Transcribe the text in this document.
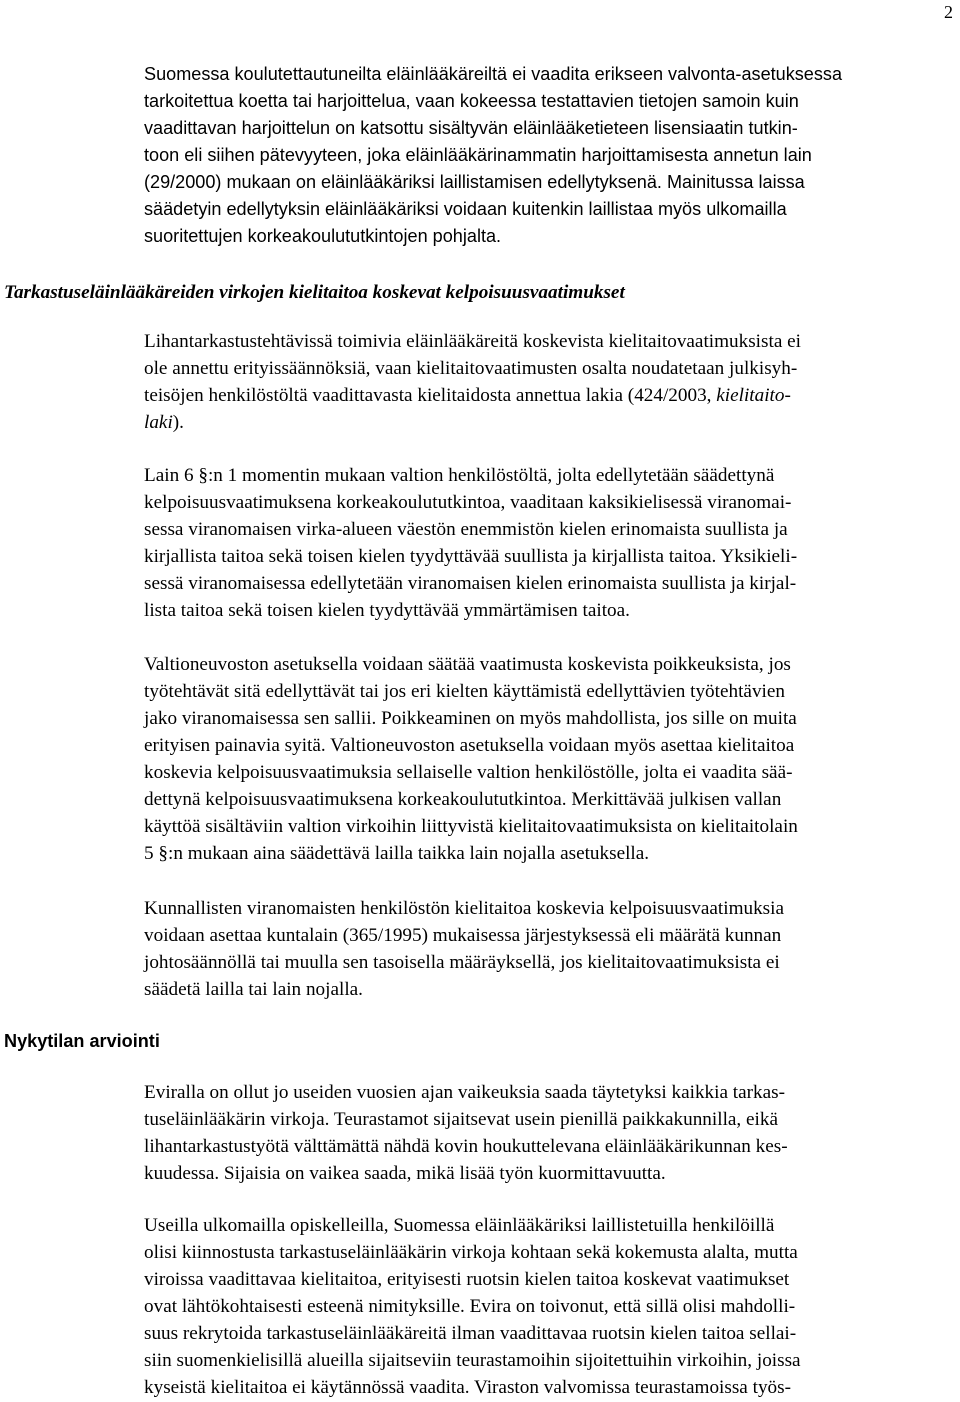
2

Suomessa koulutettautuneilta eläinlääkäreiltä ei vaadita erikseen valvonta-asetuksessa
tarkoitettua koetta tai harjoittelua, vaan kokeessa testattavien tietojen samoin kuin
vaadittavan harjoittelun on katsottu sisältyvän eläinlääketieteen lisensiaatin tutkin-
toon eli siihen pätevyyteen, joka eläinlääkärinammatin harjoittamisesta annetun lain
(29/2000) mukaan on eläinlääkäriksi laillistamisen edellytyksenä. Mainitussa laissa
säädetyin edellytyksin eläinlääkäriksi voidaan kuitenkin laillistaa myös ulkomailla
suoritettujen korkeakoulututkintojen pohjalta.

Tarkastuseläinlääkäreiden virkojen kielitaitoa koskevat kelpoisuusvaatimukset

Lihantarkastustehtävissä toimivia eläinlääkäreitä koskevista kielitaitovaatimuksista ei
ole annettu erityissäännöksiä, vaan kielitaitovaatimusten osalta noudatetaan julkisyh-
teisöjen henkilöstöltä vaadittavasta kielitaidosta annettua lakia (424/2003, kielitaito-
laki).

Lain 6 §:n 1 momentin mukaan valtion henkilöstöltä, jolta edellytetään säädettynä
kelpoisuusvaatimuksena korkeakoulututkintoa, vaaditaan kaksikielisessä viranomai-
sessa viranomaisen virka-alueen väestön enemmistön kielen erinomaista suullista ja
kirjallista taitoa sekä toisen kielen tyydyttävää suullista ja kirjallista taitoa. Yksikieli-
sessä viranomaisessa edellytetään viranomaisen kielen erinomaista suullista ja kirjal-
lista taitoa sekä toisen kielen tyydyttävää ymmärtämisen taitoa.

Valtioneuvoston asetuksella voidaan säätää vaatimusta koskevista poikkeuksista, jos
työtehtävät sitä edellyttävät tai jos eri kielten käyttämistä edellyttävien työtehtävien
jako viranomaisessa sen sallii. Poikkeaminen on myös mahdollista, jos sille on muita
erityisen painavia syitä. Valtioneuvoston asetuksella voidaan myös asettaa kielitaitoa
koskevia kelpoisuusvaatimuksia sellaiselle valtion henkilöstölle, jolta ei vaadita sää-
dettynä kelpoisuusvaatimuksena korkeakoulututkintoa. Merkittävää julkisen vallan
käyttöä sisältäviin valtion virkoihin liittyvistä kielitaitovaatimuksista on kielitaitolain
5 §:n mukaan aina säädettävä lailla taikka lain nojalla asetuksella.

Kunnallisten viranomaisten henkilöstön kielitaitoa koskevia kelpoisuusvaatimuksia
voidaan asettaa kuntalain (365/1995) mukaisessa järjestyksessä eli määrätä kunnan
johtosäännöllä tai muulla sen tasoisella määräyksellä, jos kielitaitovaatimuksista ei
säädetä lailla tai lain nojalla.

Nykytilan arviointi

Eviralla on ollut jo useiden vuosien ajan vaikeuksia saada täytetyksi kaikkia tarkas-
tuseläinlääkärin virkoja. Teurastamot sijaitsevat usein pienillä paikkakunnilla, eikä
lihantarkastustyötä välttämättä nähdä kovin houkuttelevana eläinlääkärikunnan kes-
kuudessa. Sijaisia on vaikea saada, mikä lisää työn kuormittavuutta.

Useilla ulkomailla opiskelleilla, Suomessa eläinlääkäriksi laillistetuilla henkilöillä
olisi kiinnostusta tarkastuseläinlääkärin virkoja kohtaan sekä kokemusta alalta, mutta
viroissa vaadittavaa kielitaitoa, erityisesti ruotsin kielen taitoa koskevat vaatimukset
ovat lähtökohtaisesti esteenä nimityksille. Evira on toivonut, että sillä olisi mahdolli-
suus rekrytoida tarkastuseläinlääkäreitä ilman vaadittavaa ruotsin kielen taitoa sellai-
siin suomenkielisillä alueilla sijaitseviin teurastamoihin sijoitettuihin virkoihin, joissa
kyseistä kielitaitoa ei käytännössä vaadita. Viraston valvomissa teurastamoissa työs-
